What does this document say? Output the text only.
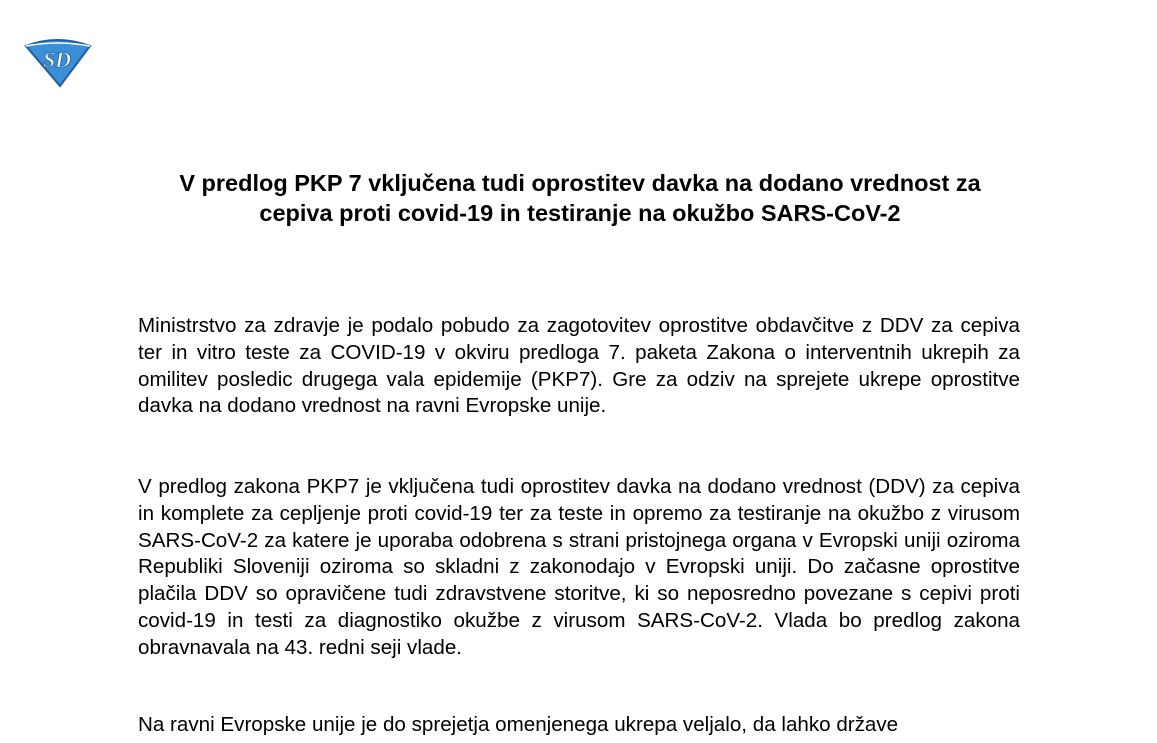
SD
V predlog PKP 7 vključena tudi oprostitev davka na dodano vrednost za cepiva proti covid-19 in testiranje na okužbo SARS-CoV-2

Ministrstvo za zdravje je podalo pobudo za zagotovitev oprostitve obdavčitve z DDV za cepiva ter in vitro teste za COVID-19 v okviru predloga 7. paketa Zakona o interventnih ukrepih za omilitev posledic drugega vala epidemije (PKP7). Gre za odziv na sprejete ukrepe oprostitve davka na dodano vrednost na ravni Evropske unije.

V predlog zakona PKP7 je vključena tudi oprostitev davka na dodano vrednost (DDV) za cepiva in komplete za cepljenje proti covid-19 ter za teste in opremo za testiranje na okužbo z virusom SARS-CoV-2 za katere je uporaba odobrena s strani pristojnega organa v Evropski uniji oziroma Republiki Sloveniji oziroma so skladni z zakonodajo v Evropski uniji. Do začasne oprostitve plačila DDV so opravičene tudi zdravstvene storitve, ki so neposredno povezane s cepivi proti covid-19 in testi za diagnostiko okužbe z virusom SARS-CoV-2. Vlada bo predlog zakona obravnavala na 43. redni seji vlade.

Na ravni Evropske unije je do sprejetja omenjenega ukrepa veljalo, da lahko države
